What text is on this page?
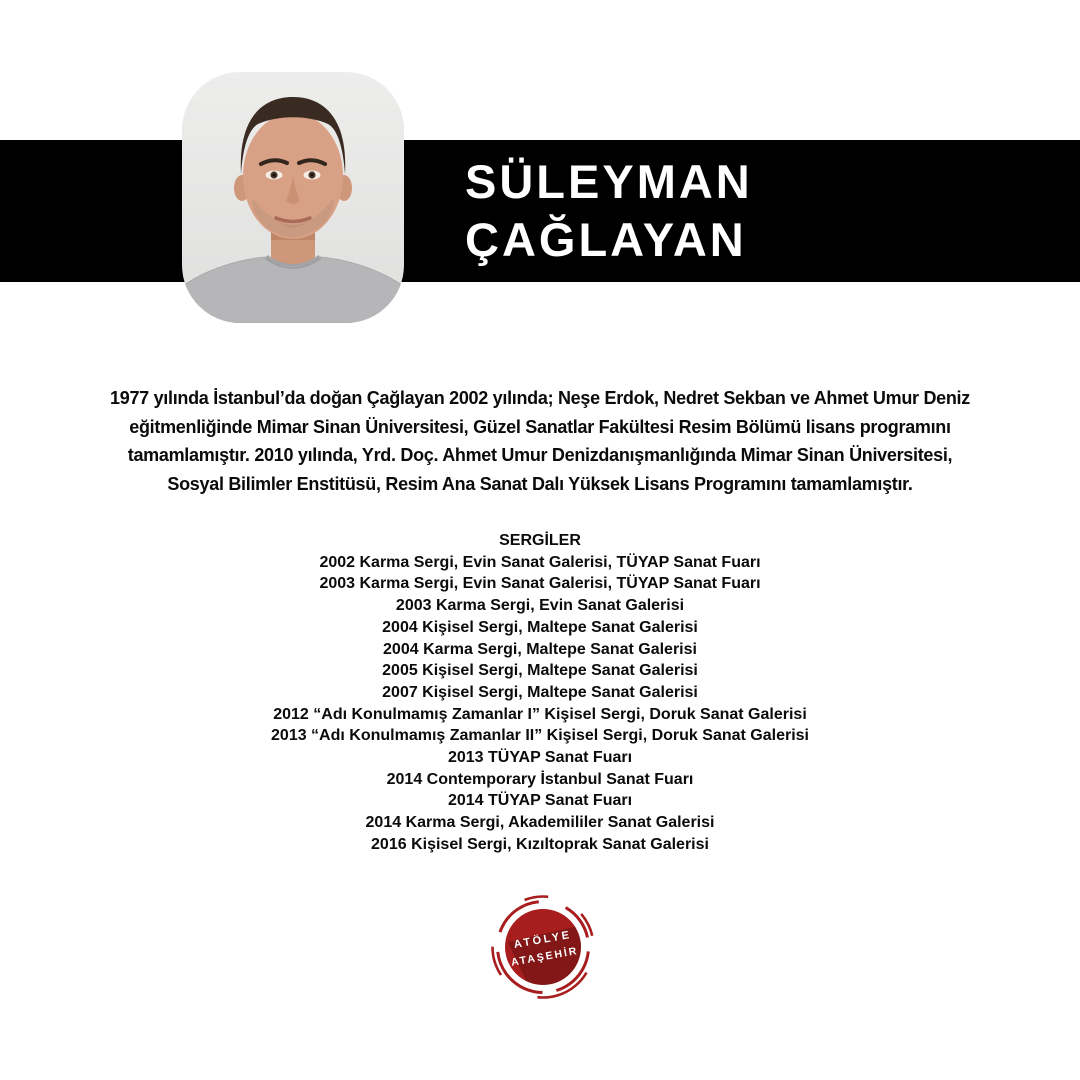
SÜLEYMAN
ÇAĞLAYAN
1977 yılında İstanbul’da doğan Çağlayan 2002 yılında; Neşe Erdok, Nedret Sekban ve Ahmet Umur Deniz
eğitmenliğinde Mimar Sinan Üniversitesi, Güzel Sanatlar Fakültesi Resim Bölümü lisans programını
tamamlamıştır. 2010 yılında, Yrd. Doç. Ahmet Umur Denizdanışmanlığında Mimar Sinan Üniversitesi,
Sosyal Bilimler Enstitüsü, Resim Ana Sanat Dalı Yüksek Lisans Programını tamamlamıştır.
SERGİLER
2002 Karma Sergi, Evin Sanat Galerisi, TÜYAP Sanat Fuarı
2003 Karma Sergi, Evin Sanat Galerisi, TÜYAP Sanat Fuarı
2003 Karma Sergi, Evin Sanat Galerisi
2004 Kişisel Sergi, Maltepe Sanat Galerisi
2004 Karma Sergi, Maltepe Sanat Galerisi
2005 Kişisel Sergi, Maltepe Sanat Galerisi
2007 Kişisel Sergi, Maltepe Sanat Galerisi
2012 “Adı Konulmamış Zamanlar I” Kişisel Sergi, Doruk Sanat Galerisi
2013 “Adı Konulmamış Zamanlar II” Kişisel Sergi, Doruk Sanat Galerisi
2013 TÜYAP Sanat Fuarı
2014 Contemporary İstanbul Sanat Fuarı
2014 TÜYAP Sanat Fuarı
2014 Karma Sergi, Akademililer Sanat Galerisi
2016 Kişisel Sergi, Kızıltoprak Sanat Galerisi
ATÖLYE
ATAŞEHİR
